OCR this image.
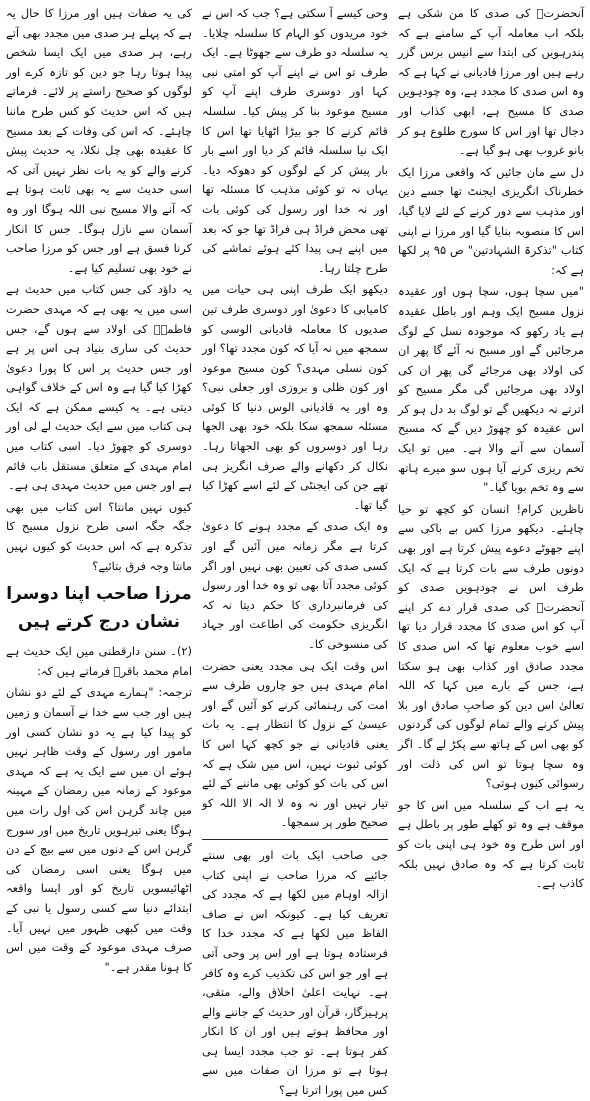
آنحضرتؐ کی صدی کا من شکی ہے بلکہ اب معاملہ آپ کے سامنے ہے کہ پندرہویں کی ابتدا سے انیس برس گزر رہے ہیں اور مرزا قادیانی نے کہا ہے کہ وہ اس صدی کا مجدد ہے، وہ چودہویں صدی کا مسیح ہے، ابھی کذاب اور دجال تھا اور اس کا سورج طلوع ہو کر بانو غروب بھی ہو گیا ہے۔

دل سے مان جائیں کہ واقعی مرزا ایک خطرناک انگریزی ایجنٹ تھا جسے دین اور مذہب سے دور کرنے کے لئے لایا گیا، اس کا منصوبہ بنایا گیا اور مرزا نے اپنی کتاب "تذکرۃ الشہادتین" ص ۹۵ پر لکھا ہے کہ:

"میں سچا ہوں، سچا ہوں اور عقیدہ نزول مسیح ایک وہم اور باطل عقیدہ ہے یاد رکھو کہ موجودہ نسل کے لوگ مرجائیں گے اور مسیح نہ آئے گا پھر ان کی اولاد بھی مرجائے گی پھر ان کی اولاد بھی مرجائیں گی مگر مسیح کو اترتے نہ دیکھیں گے تو لوگ بد دل ہو کر اس عقیدہ کو چھوڑ دیں گے کہ مسیح آسمان سے آنے والا ہے۔ میں تو ایک تخم ریزی کرنے آیا ہوں سو میرے ہاتھ سے وہ تخم بویا گیا۔"

ناظرین کرام! انسان کو کچھ تو حیا چاہئے۔ دیکھو مرزا کس بے باکی سے اپنے جھوٹے دعوے پیش کرتا ہے اور بھی دونوں طرف سے بات کرتا ہے کہ ایک طرف اس نے چودہویں صدی کو آنحضرتؐ کی صدی قرار دے کر اپنے آپ کو اس صدی کا مجدد قرار دیا تھا اسے خوب معلوم تھا کہ اس صدی کا مجدد صادق اور کذاب بھی ہو سکتا ہے، جس کے بارے میں کہا کہ اللہ تعالیٰ اس دین کو صاحبِ صادق اور بلا پیش کرنے والے تمام لوگوں کی گردنوں کو بھی اس کے ہاتھ سے پکڑ لے گا۔ اگر وہ سچا ہوتا تو اس کی ذلت اور رسوائی کیوں ہوتی؟

یہ ہے اب کے سلسلہ میں اس کا جو موقف ہے وہ تو کھلے طور پر باطل ہے اور اس طرح وہ خود ہی اپنی بات کو ثابت کرتا ہے کہ وہ صادق نہیں بلکہ کاذب ہے۔

وحی کیسے آ سکتی ہے؟ جب کہ اس نے خود مریدوں کو الہام کا سلسلہ چلایا۔ یہ سلسلہ دو طرف سے جھوٹا ہے۔ ایک طرف تو اس نے اپنے آپ کو امتی نبی کہا اور دوسری طرف اپنے آپ کو مسیح موعود بنا کر پیش کیا۔ سلسلہ قائم کرنے کا جو بیڑا اٹھایا تھا اس کا ایک نیا سلسلہ قائم کر دیا اور اسے بار بار پیش کر کے لوگوں کو دھوکہ دیا۔ یہاں نہ تو کوئی مذہب کا مسئلہ تھا اور نہ خدا اور رسول کی کوئی بات تھی محض فراڈ ہی فراڈ تھا جو کہ بعد میں اپنے ہی پیدا کئے ہوئے تماشے کی طرح چلتا رہا۔

دیکھو ایک طرف اپنی ہی حیات میں کامیابی کا دعویٰ اور دوسری طرف تین صدیوں کا معاملہ قادیانی الوسی کو سمجھ میں نہ آیا کہ کون مجدد تھا؟ اور کون نسلی مہدی؟ کون مسیح موعود اور کون ظلی و بروزی اور جعلی نبی؟ وہ اور یہ قادیانی الوس دنیا کا کوئی مسئلہ سمجھ سکا بلکہ خود بھی الجھا رہا اور دوسروں کو بھی الجھاتا رہا۔ نکال کر دکھانے والے صرف انگریز ہی تھے جن کی ایجنٹی کے لئے اسے کھڑا کیا گیا تھا۔

وہ ایک صدی کے مجدد ہونے کا دعویٰ کرتا ہے مگر زمانہ میں آئیں گے اور کسی صدی کی تعیین بھی نہیں اور اگر کوئی مجدد آتا بھی تو وہ خدا اور رسول کی فرمانبرداری کا حکم دیتا نہ کہ انگریزی حکومت کی اطاعت اور جہاد کی منسوخی کا۔

اس وقت ایک ہی مجدد یعنی حضرت امام مہدی ہیں جو چاروں طرف سے امت کی رہنمائی کرنے کو آئیں گے اور عیسیٰ کے نزول کا انتظار ہے۔ یہ بات یعنی قادیانی نے جو کچھ کہا اس کا کوئی ثبوت نہیں، اس میں شک ہے کہ اس کی بات کو کوئی بھی ماننے کے لئے تیار نہیں اور نہ وہ لا الہ الا اللہ کو صحیح طور پر سمجھا۔

جی صاحب ایک بات اور بھی سنتے جائیے کہ مرزا صاحب نے اپنی کتاب ازالہ اوہام میں لکھا ہے کہ مجدد کی تعریف کیا ہے۔ کیونکہ اس نے صاف الفاظ میں لکھا ہے کہ مجدد خدا کا فرستادہ ہوتا ہے اور اس پر وحی آتی ہے اور جو اس کی تکذیب کرے وہ کافر ہے۔ نہایت اعلیٰ اخلاق والے، متقی، پرہیزگار، قرآن اور حدیث کے جاننے والے اور محافظ ہوتے ہیں اور ان کا انکار کفر ہوتا ہے۔ تو جب مجدد ایسا ہی ہوتا ہے تو مرزا ان صفات میں سے کس میں پورا اترتا ہے؟

کی یہ صفات ہیں اور مرزا کا حال یہ ہے کہ پہلے ہر صدی میں مجدد بھی آتے رہے، ہر صدی میں ایک ایسا شخص پیدا ہوتا رہا جو دین کو تازہ کرے اور لوگوں کو صحیح راستے پر لائے۔ فرماتے ہیں کہ اس حدیث کو کس طرح ماننا چاہئے۔ کہ اس کی وفات کے بعد مسیح کا عقیدہ بھی چل نکلا، یہ حدیث پیش کرنے والے کو یہ بات نظر نہیں آتی کہ اسی حدیث سے یہ بھی ثابت ہوتا ہے کہ آنے والا مسیح نبی اللہ ہوگا اور وہ آسمان سے نازل ہوگا۔ جس کا انکار کرنا فسق ہے اور جس کو مرزا صاحب نے خود بھی تسلیم کیا ہے۔

یہ داؤد کی جس کتاب میں حدیث ہے اسی میں یہ بھی ہے کہ مہدی حضرت فاطمہؓ کی اولاد سے ہوں گے، جس حدیث کی ساری بنیاد ہی اس پر ہے اور جس حدیث پر اس کا پورا دعویٰ کھڑا کیا گیا ہے وہ اس کے خلاف گواہی دیتی ہے۔ یہ کیسے ممکن ہے کہ ایک ہی کتاب میں سے ایک حدیث لے لی اور دوسری کو چھوڑ دیا۔ اسی کتاب میں امام مہدی کے متعلق مستقل باب قائم ہے اور جس میں حدیث مہدی ہی ہے۔

کیوں نہیں مانتا؟ اس کتاب میں بھی جگہ جگہ اسی طرح نزول مسیح کا تذکرہ ہے کہ اس حدیث کو کیوں نہیں مانتا وجہ فرق بتائیے؟

مرزا صاحب اپنا دوسرا نشان درج کرتے ہیں

(۲)۔ سنن دارقطنی میں ایک حدیث ہے امام محمد باقرؒ فرماتے ہیں کہ:

ترجمہ: "ہمارے مہدی کے لئے دو نشان ہیں اور جب سے خدا نے آسمان و زمین کو پیدا کیا ہے یہ دو نشان کسی اور مامور اور رسول کے وقت ظاہر نہیں ہوئے ان میں سے ایک یہ ہے کہ مہدی موعود کے زمانہ میں رمضان کے مہینہ میں چاند گرہن اس کی اول رات میں ہوگا یعنی تیرہویں تاریخ میں اور سورج گرہن اس کے دنوں میں سے بیچ کے دن میں ہوگا یعنی اسی رمضان کی اٹھائیسویں تاریخ کو اور ایسا واقعہ ابتدائے دنیا سے کسی رسول یا نبی کے وقت میں کبھی ظہور میں نہیں آیا۔ صرف مہدی موعود کے وقت میں اس کا ہونا مقدر ہے۔"
